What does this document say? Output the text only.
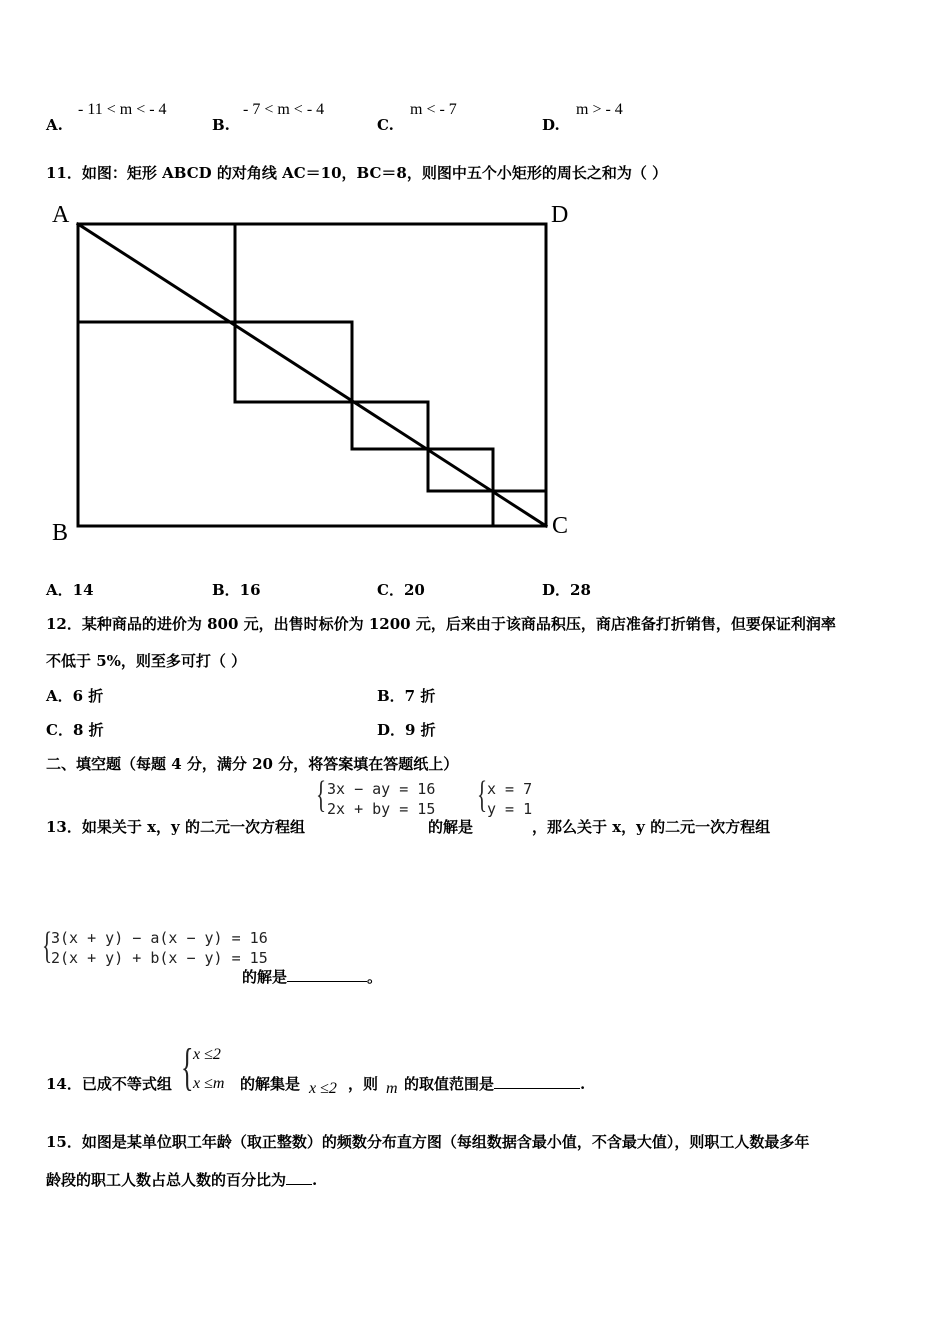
A.
- 11 < m < - 4
B.
- 7 < m < - 4
C.
m < - 7
D.
m > - 4
11．如图：矩形 ABCD 的对角线 AC＝10，BC＝8，则图中五个小矩形的周长之和为（ ）
A
B	C
D
A．14	B．16	C．20	D．28
12．某种商品的进价为 800 元，出售时标价为 1200 元，后来由于该商品积压，商店准备打折销售，但要保证利润率
不低于 5%，则至多可打（ ）
A．6 折	B．7 折
C．8 折	D．9 折
二、填空题（每题 4 分，满分 20 分，将答案填在答题纸上）
13．如果关于 x，y 的二元一次方程组
{ 3x − ay = 16
2x + by = 15
的解是
{ x = 7
y = 1
，那么关于 x，y 的二元一次方程组
{
3(x + y) − a(x − y) = 16
2(x + y) + b(x − y) = 15
的解是	。
14．已成不等式组 { x ≤2
x ≤m 的解集是 x ≤2 ，则 m 的取值范围是	.
15．如图是某单位职工年龄（取正整数）的频数分布直方图（每组数据含最小值，不含最大值），则职工人数最多年
龄段的职工人数占总人数的百分比为 .
